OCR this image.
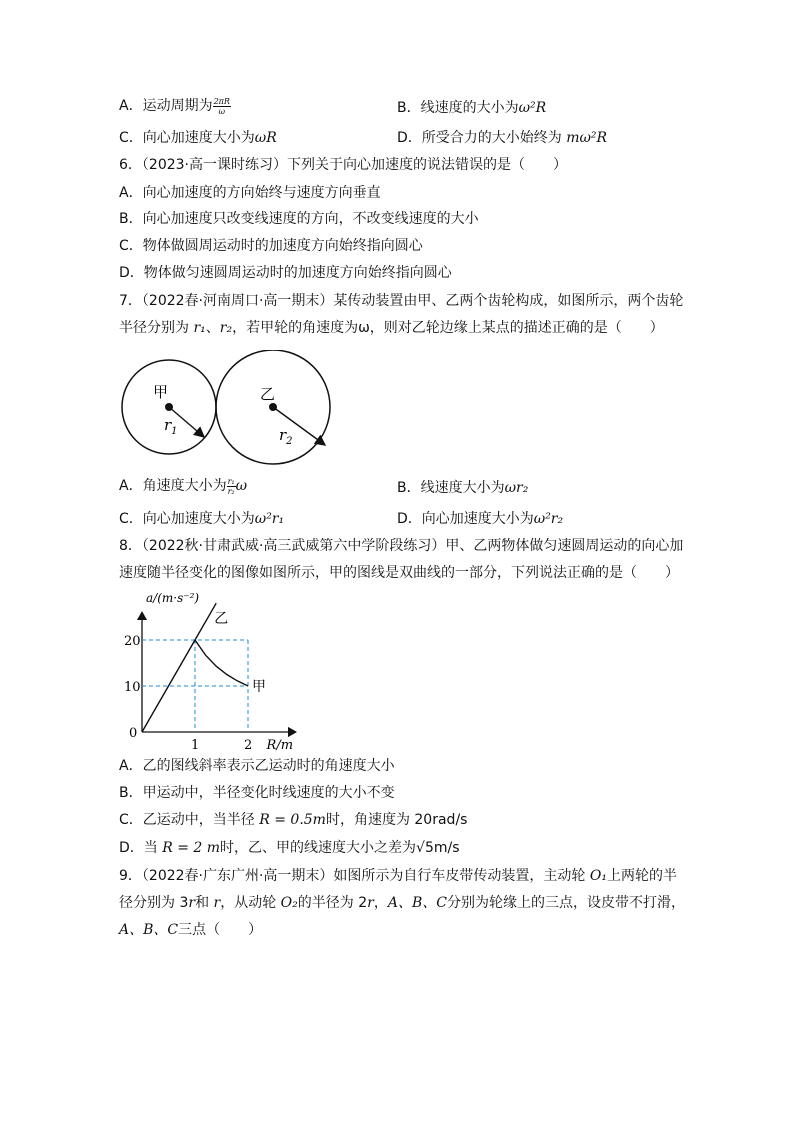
A．运动周期为 $\frac{2\pi R}{\omega}$	B．线速度的大小为ω²R
C．向心加速度大小为ωR	D．所受合力的大小始终为 mω²R
6．（2023·高一课时练习）下列关于向心加速度的说法错误的是（　　）
A．向心加速度的方向始终与速度方向垂直
B．向心加速度只改变线速度的方向，不改变线速度的大小
C．物体做圆周运动时的加速度方向始终指向圆心
D．物体做匀速圆周运动时的加速度方向始终指向圆心
7．（2022春·河南周口·高一期末）某传动装置由甲、乙两个齿轮构成，如图所示，两个齿轮
半径分别为 r₁、r₂，若甲轮的角速度为ω，则对乙轮边缘上某点的描述正确的是（　　）
甲	乙
$r_1$	$r_2$
A．角速度大小为 $\frac{\text{r₁}}{\text{r₂}}$ ω	B．线速度大小为ωr₂
C．向心加速度大小为ω²r₁	D．向心加速度大小为ω²r₂
8．（2022秋·甘肃武威·高三武威第六中学阶段练习）甲、乙两物体做匀速圆周运动的向心加
速度随半径变化的图像如图所示，甲的图线是双曲线的一部分，下列说法正确的是（　　）
乙
甲
1	2
10
20
0
R/m
a/(m·s⁻²)
A．乙的图线斜率表示乙运动时的角速度大小
B．甲运动中，半径变化时线速度的大小不变
C．乙运动中，当半径 R = 0.5m时，角速度为 20rad/s
D．当 R = 2 m时，乙、甲的线速度大小之差为√5m/s
9．（2022春·广东广州·高一期末）如图所示为自行车皮带传动装置，主动轮 O₁上两轮的半
径分别为 3r和 r，从动轮 O₂的半径为 2r，A、B、C分别为轮缘上的三点，设皮带不打滑，
A、B、C三点（　　）
